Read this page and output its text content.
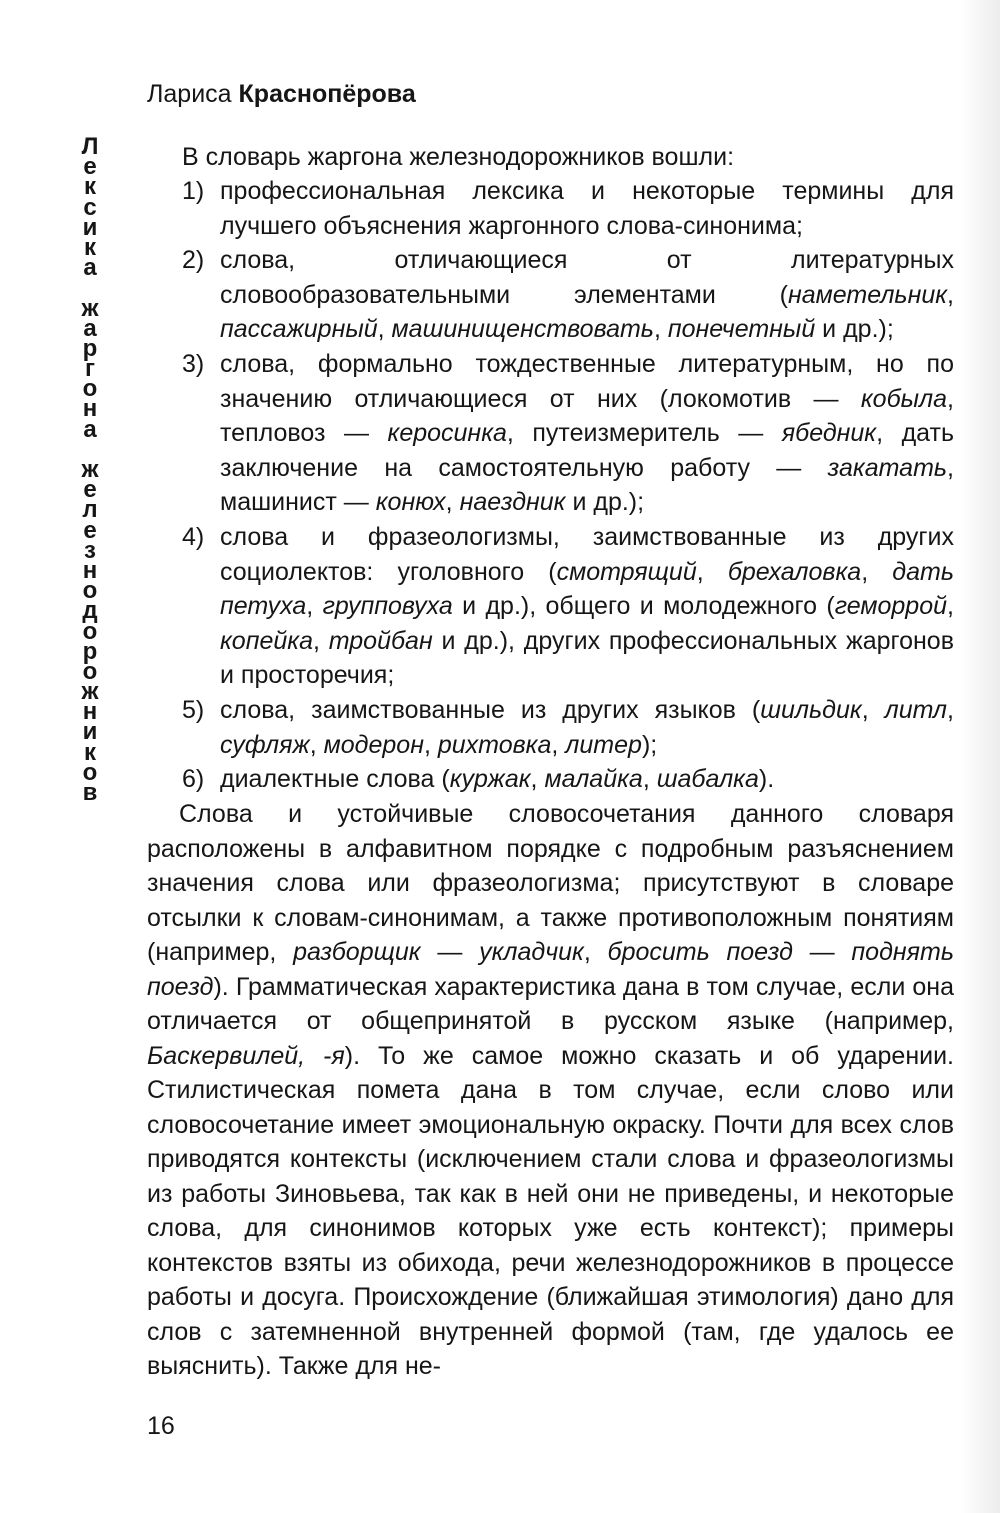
Лариса Краснопёрова
Л
е
к
с
и
к
а

ж
а
р
г
о
н
а

ж
е
л
е
з
н
о
д
о
р
о
ж
н
и
к
о
в
В словарь жаргона железнодорожников вошли:
1) профессиональная лексика и некоторые термины для лучшего объяснения жаргонного слова-синонима;
2) слова, отличающиеся от литературных словообразовательными элементами (наметельник, пассажирный, машинищенствовать, понечетный и др.);
3) слова, формально тождественные литературным, но по значению отличающиеся от них (локомотив — кобыла, тепловоз — керосинка, путеизмеритель — ябедник, дать заключение на самостоятельную работу — закатать, машинист — конюх, наездник и др.);
4) слова и фразеологизмы, заимствованные из других социолектов: уголовного (смотрящий, брехаловка, дать петуха, групповуха и др.), общего и молодежного (геморрой, копейка, тройбан и др.), других профессиональных жаргонов и просторечия;
5) слова, заимствованные из других языков (шильдик, литл, суфляж, модерон, рихтовка, литер);
6) диалектные слова (куржак, малайка, шабалка).

Слова и устойчивые словосочетания данного словаря расположены в алфавитном порядке с подробным разъяснением значения слова или фразеологизма; присутствуют в словаре отсылки к словам-синонимам, а также противоположным понятиям (например, разборщик — укладчик, бросить поезд — поднять поезд). Грамматическая характеристика дана в том случае, если она отличается от общепринятой в русском языке (например, Баскервилей, -я). То же самое можно сказать и об ударении. Стилистическая помета дана в том случае, если слово или словосочетание имеет эмоциональную окраску. Почти для всех слов приводятся контексты (исключением стали слова и фразеологизмы из работы Зиновьева, так как в ней они не приведены, и некоторые слова, для синонимов которых уже есть контекст); примеры контекстов взяты из обихода, речи железнодорожников в процессе работы и досуга. Происхождение (ближайшая этимология) дано для слов с затемненной внутренней формой (там, где удалось ее выяснить). Также для не-

16
